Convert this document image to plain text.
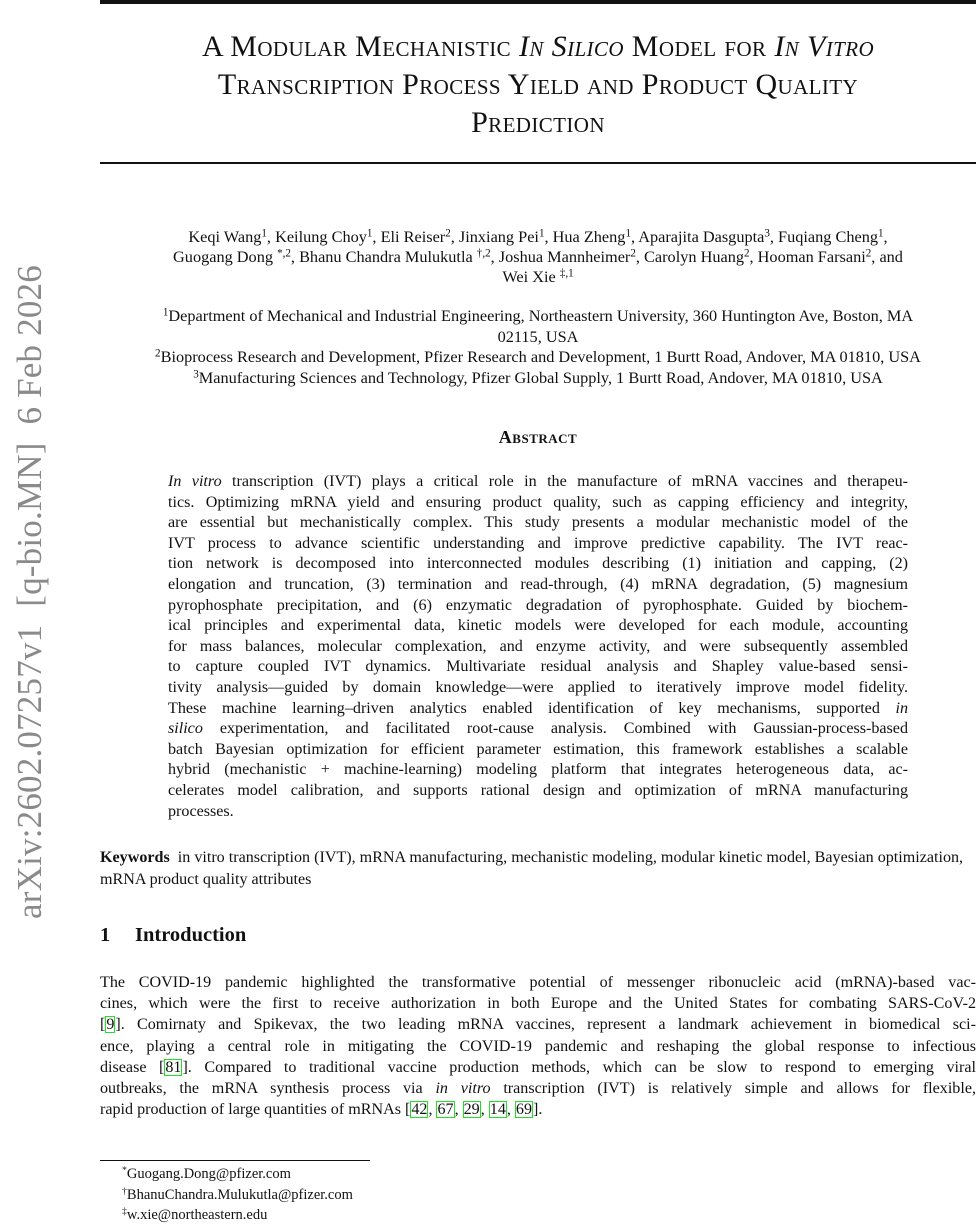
arXiv:2602.07257v1  [q-bio.MN]  6 Feb 2026
A Modular Mechanistic In Silico Model for In Vitro
Transcription Process Yield and Product Quality
Prediction
Keqi Wang$^1$, Keilung Choy$^1$, Eli Reiser$^2$, Jinxiang Pei$^1$, Hua Zheng$^1$, Aparajita Dasgupta$^3$, Fuqiang Cheng$^1$,
Guogang Dong $^{*,2}$, Bhanu Chandra Mulukutla $^{\dagger,2}$, Joshua Mannheimer$^2$, Carolyn Huang$^2$, Hooman Farsani$^2$, and
Wei Xie $^{\ddagger,1}$
$^1$Department of Mechanical and Industrial Engineering, Northeastern University, 360 Huntington Ave, Boston, MA
02115, USA
$^2$Bioprocess Research and Development, Pfizer Research and Development, 1 Burtt Road, Andover, MA 01810, USA
$^3$Manufacturing Sciences and Technology, Pfizer Global Supply, 1 Burtt Road, Andover, MA 01810, USA
Abstract
In vitro transcription (IVT) plays a critical role in the manufacture of mRNA vaccines and therapeu-
tics. Optimizing mRNA yield and ensuring product quality, such as capping efficiency and integrity,
are essential but mechanistically complex. This study presents a modular mechanistic model of the
IVT process to advance scientific understanding and improve predictive capability. The IVT reac-
tion network is decomposed into interconnected modules describing (1) initiation and capping, (2)
elongation and truncation, (3) termination and read-through, (4) mRNA degradation, (5) magnesium
pyrophosphate precipitation, and (6) enzymatic degradation of pyrophosphate. Guided by biochem-
ical principles and experimental data, kinetic models were developed for each module, accounting
for mass balances, molecular complexation, and enzyme activity, and were subsequently assembled
to capture coupled IVT dynamics. Multivariate residual analysis and Shapley value-based sensi-
tivity analysis—guided by domain knowledge—were applied to iteratively improve model fidelity.
These machine learning–driven analytics enabled identification of key mechanisms, supported in
silico experimentation, and facilitated root-cause analysis. Combined with Gaussian-process-based
batch Bayesian optimization for efficient parameter estimation, this framework establishes a scalable
hybrid (mechanistic + machine-learning) modeling platform that integrates heterogeneous data, ac-
celerates model calibration, and supports rational design and optimization of mRNA manufacturing
processes.
Keywords in vitro transcription (IVT), mRNA manufacturing, mechanistic modeling, modular kinetic model, Bayesian optimization, mRNA product quality attributes
1 Introduction
The COVID-19 pandemic highlighted the transformative potential of messenger ribonucleic acid (mRNA)-based vac-
cines, which were the first to receive authorization in both Europe and the United States for combating SARS-CoV-2
[9]. Comirnaty and Spikevax, the two leading mRNA vaccines, represent a landmark achievement in biomedical sci-
ence, playing a central role in mitigating the COVID-19 pandemic and reshaping the global response to infectious
disease [81]. Compared to traditional vaccine production methods, which can be slow to respond to emerging viral
outbreaks, the mRNA synthesis process via in vitro transcription (IVT) is relatively simple and allows for flexible,
rapid production of large quantities of mRNAs [42, 67, 29, 14, 69].
*Guogang.Dong@pfizer.com
†BhanuChandra.Mulukutla@pfizer.com
‡w.xie@northeastern.edu
